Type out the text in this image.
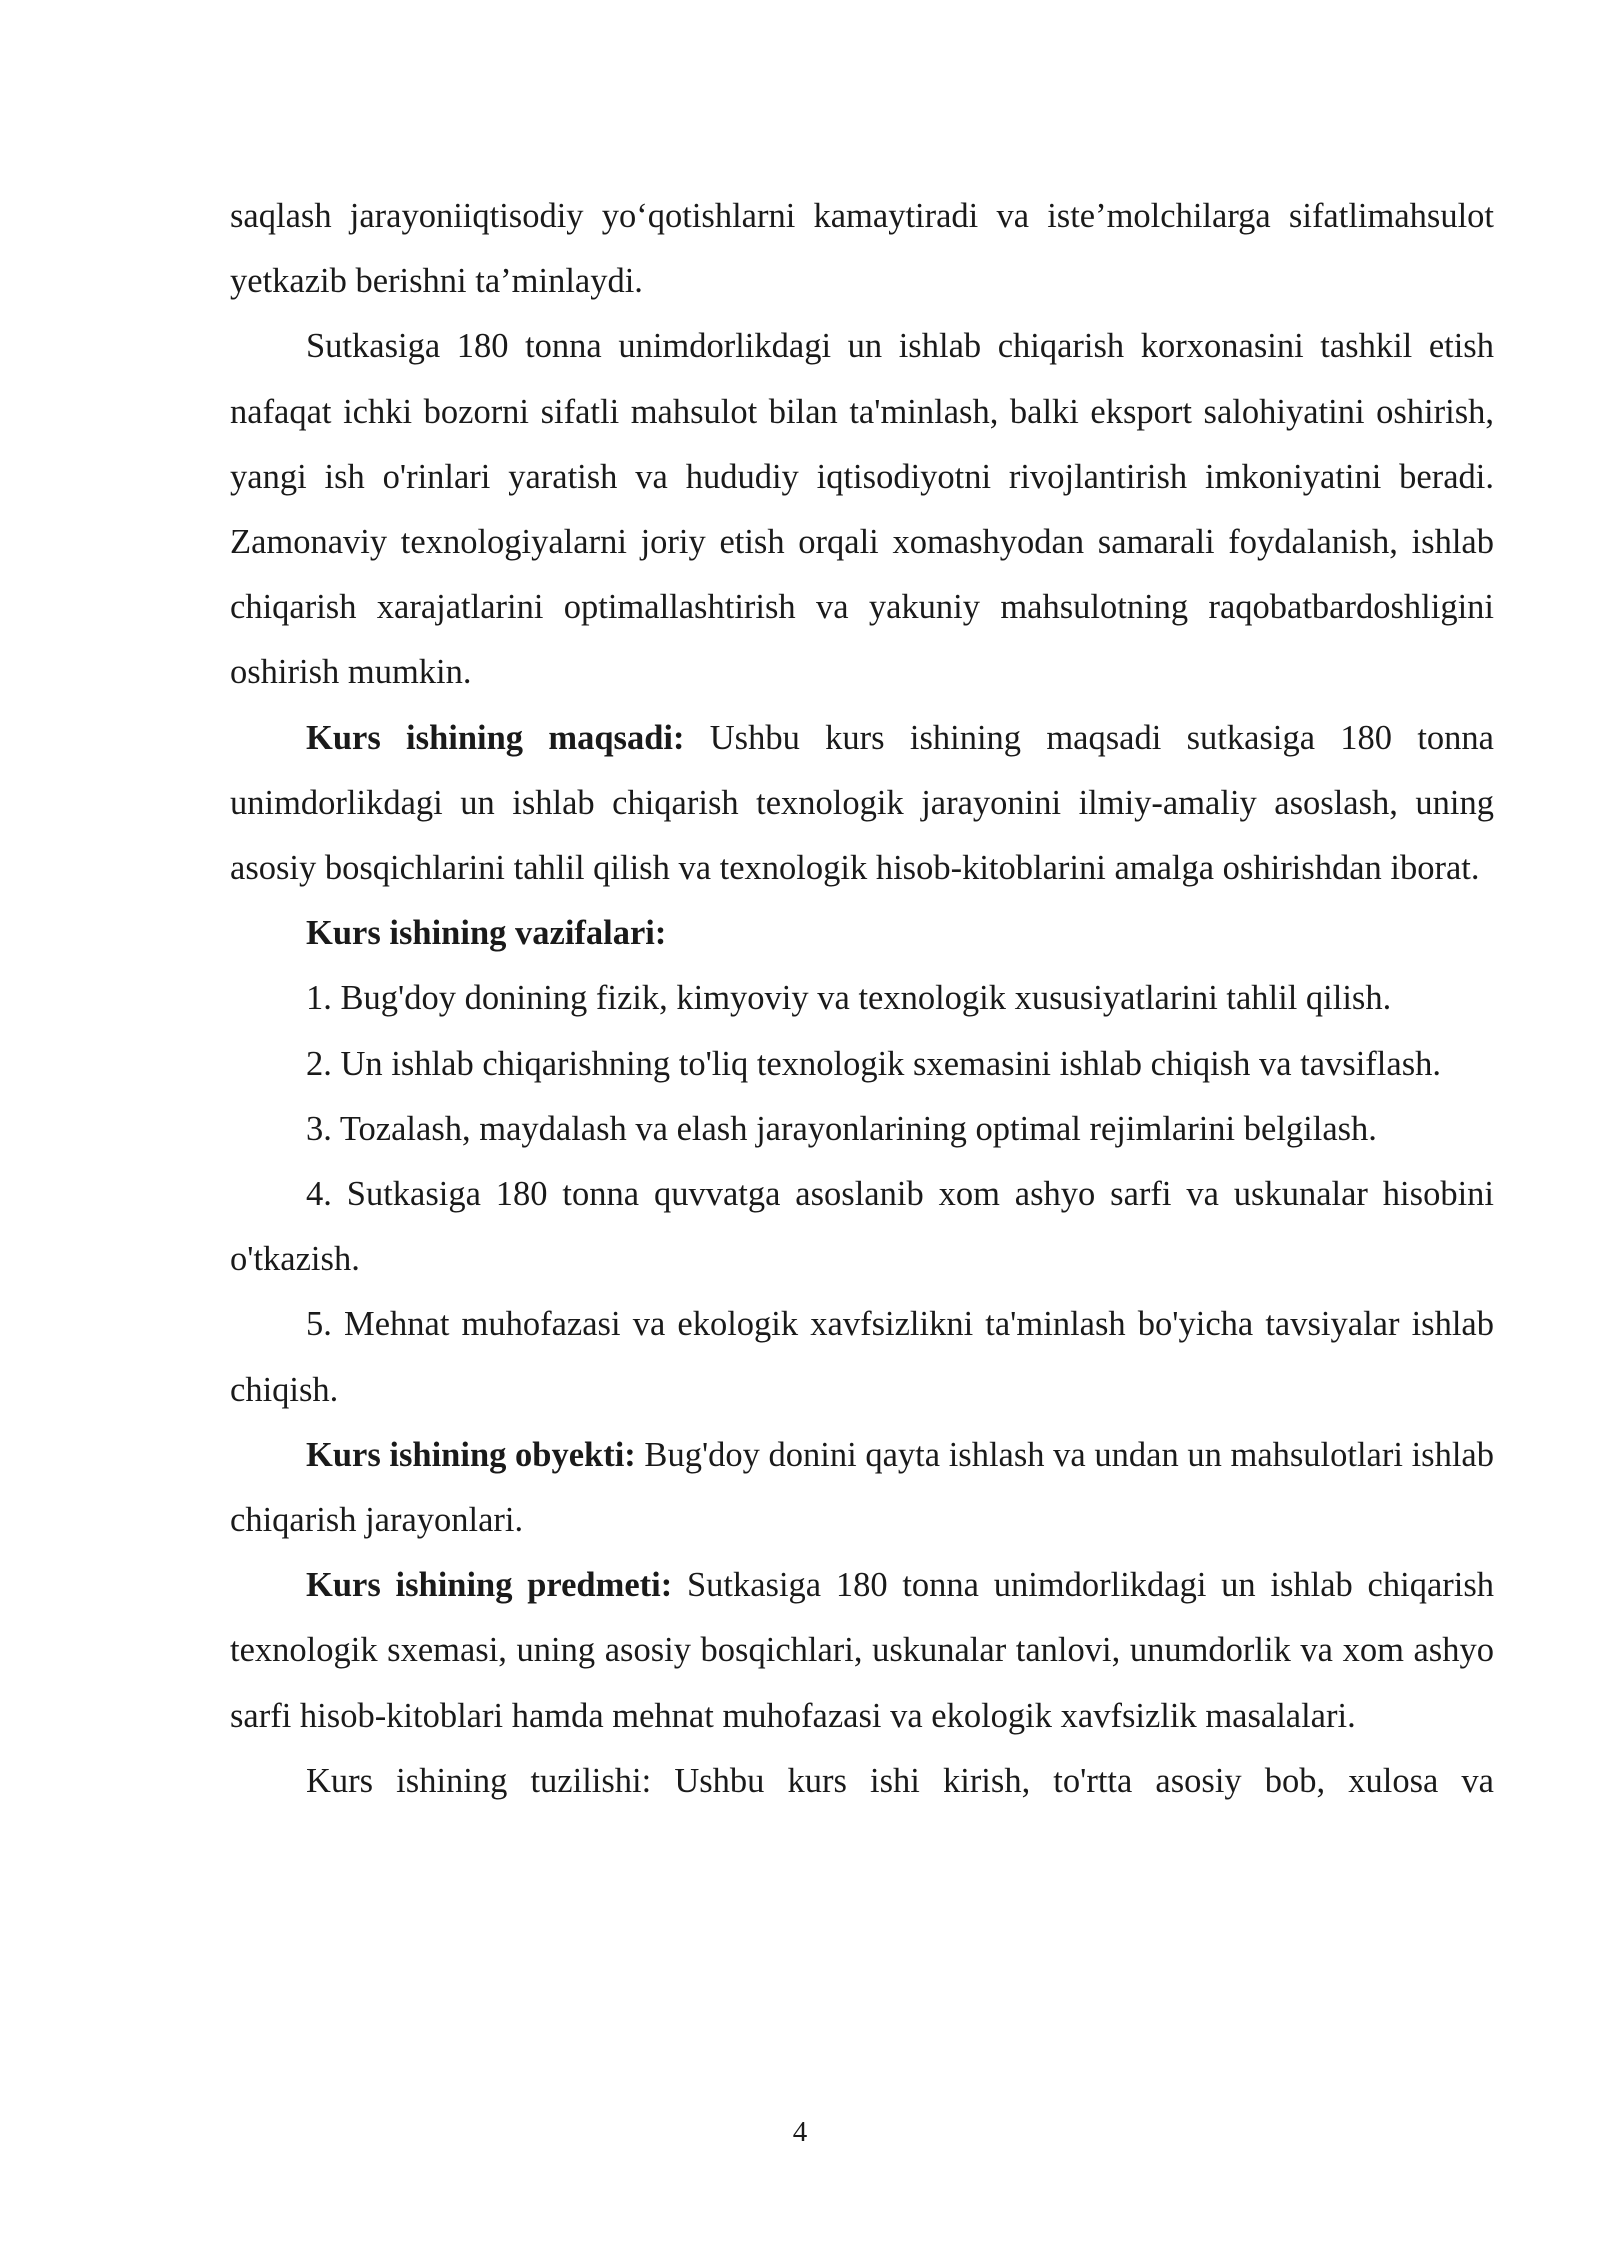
saqlash jarayoniiqtisodiy yo‘qotishlarni kamaytiradi va iste’molchilarga sifatlimahsulot yetkazib berishni ta’minlaydi.

Sutkasiga 180 tonna unimdorlikdagi un ishlab chiqarish korxonasini tashkil etish nafaqat ichki bozorni sifatli mahsulot bilan ta'minlash, balki eksport salohiyatini oshirish, yangi ish o'rinlari yaratish va hududiy iqtisodiyotni rivojlantirish imkoniyatini beradi. Zamonaviy texnologiyalarni joriy etish orqali xomashyodan samarali foydalanish, ishlab chiqarish xarajatlarini optimallashtirish va yakuniy mahsulotning raqobatbardoshligini oshirish mumkin.

Kurs ishining maqsadi: Ushbu kurs ishining maqsadi sutkasiga 180 tonna unimdorlikdagi un ishlab chiqarish texnologik jarayonini ilmiy-amaliy asoslash, uning asosiy bosqichlarini tahlil qilish va texnologik hisob-kitoblarini amalga oshirishdan iborat.

Kurs ishining vazifalari:

1. Bug'doy donining fizik, kimyoviy va texnologik xususiyatlarini tahlil qilish.

2. Un ishlab chiqarishning to'liq texnologik sxemasini ishlab chiqish va tavsiflash.

3. Tozalash, maydalash va elash jarayonlarining optimal rejimlarini belgilash.

4. Sutkasiga 180 tonna quvvatga asoslanib xom ashyo sarfi va uskunalar hisobini o'tkazish.

5. Mehnat muhofazasi va ekologik xavfsizlikni ta'minlash bo'yicha tavsiyalar ishlab chiqish.

Kurs ishining obyekti: Bug'doy donini qayta ishlash va undan un mahsulotlari ishlab chiqarish jarayonlari.

Kurs ishining predmeti: Sutkasiga 180 tonna unimdorlikdagi un ishlab chiqarish texnologik sxemasi, uning asosiy bosqichlari, uskunalar tanlovi, unumdorlik va xom ashyo sarfi hisob-kitoblari hamda mehnat muhofazasi va ekologik xavfsizlik masalalari.

Kurs ishining tuzilishi: Ushbu kurs ishi kirish, to'rtta asosiy bob, xulosa va

4
